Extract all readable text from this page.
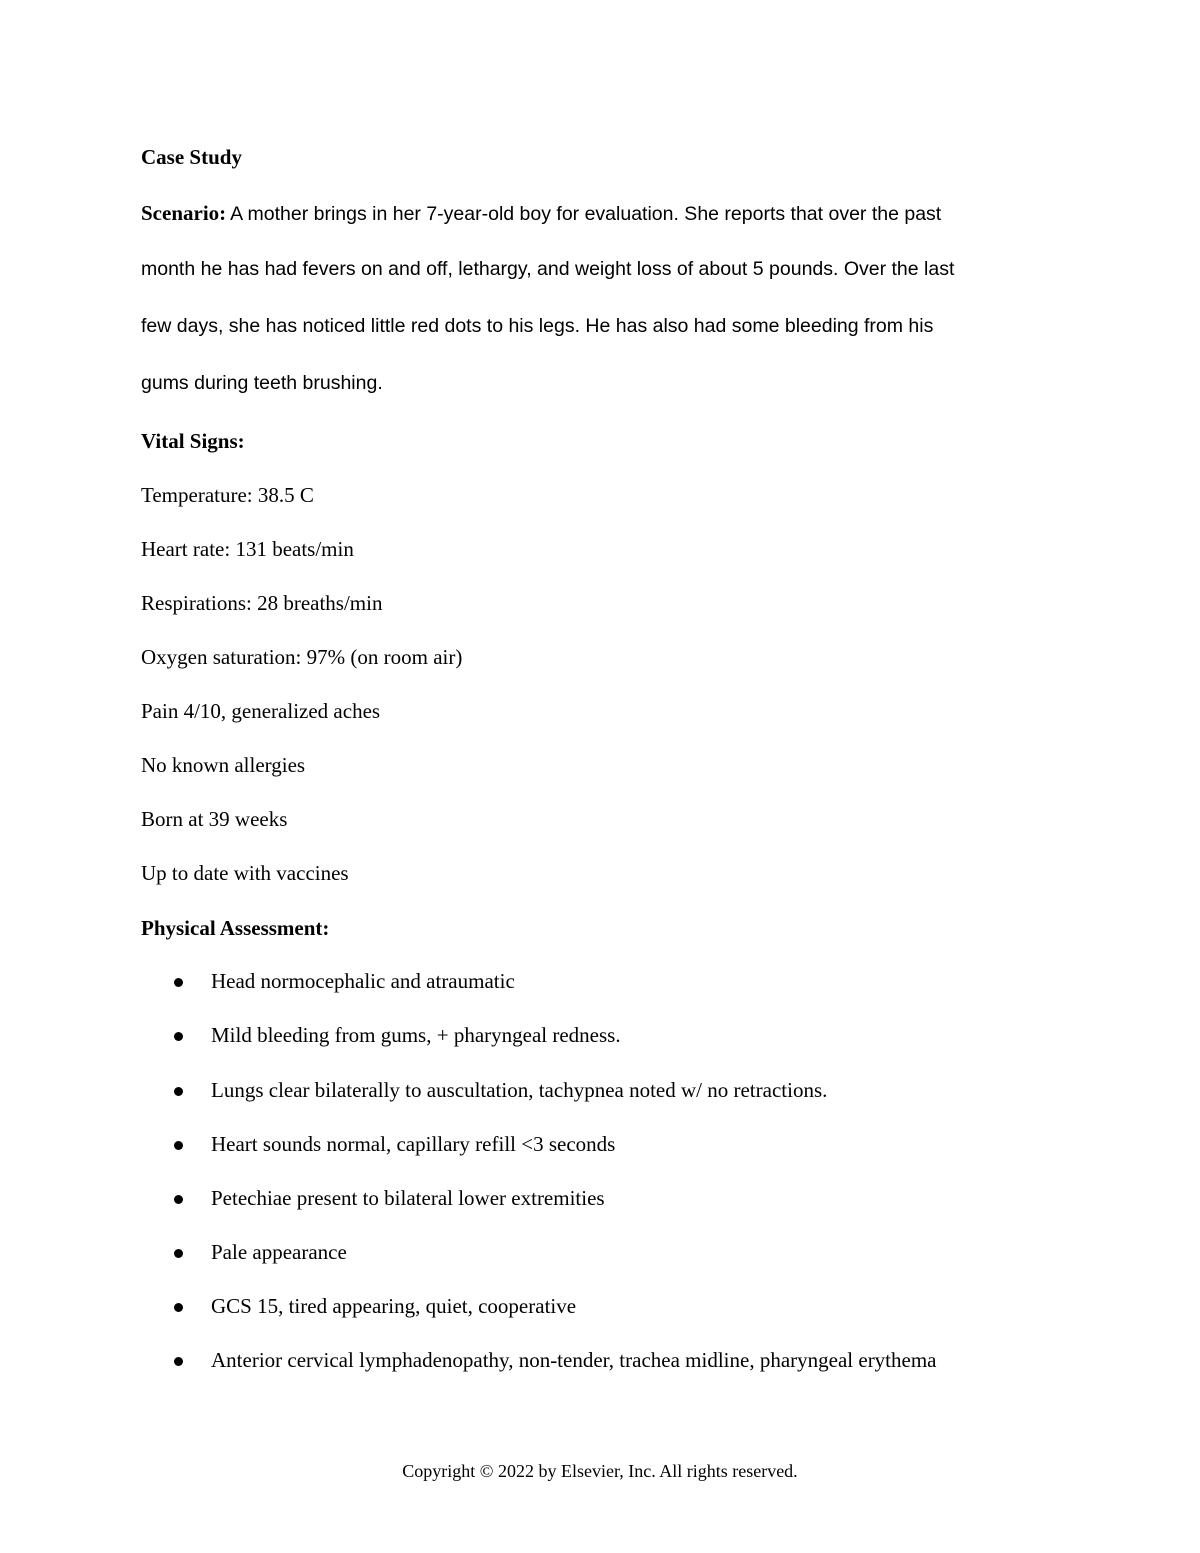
Case Study
Scenario: A mother brings in her 7-year-old boy for evaluation. She reports that over the past
month he has had fevers on and off, lethargy, and weight loss of about 5 pounds. Over the last
few days, she has noticed little red dots to his legs. He has also had some bleeding from his
gums during teeth brushing.
Vital Signs:
Temperature: 38.5 C
Heart rate: 131 beats/min
Respirations: 28 breaths/min
Oxygen saturation: 97% (on room air)
Pain 4/10, generalized aches
No known allergies
Born at 39 weeks
Up to date with vaccines
Physical Assessment:
Head normocephalic and atraumatic
Mild bleeding from gums, + pharyngeal redness.
Lungs clear bilaterally to auscultation, tachypnea noted w/ no retractions.
Heart sounds normal, capillary refill <3 seconds
Petechiae present to bilateral lower extremities
Pale appearance
GCS 15, tired appearing, quiet, cooperative
Anterior cervical lymphadenopathy, non-tender, trachea midline, pharyngeal erythema
Copyright © 2022 by Elsevier, Inc. All rights reserved.
